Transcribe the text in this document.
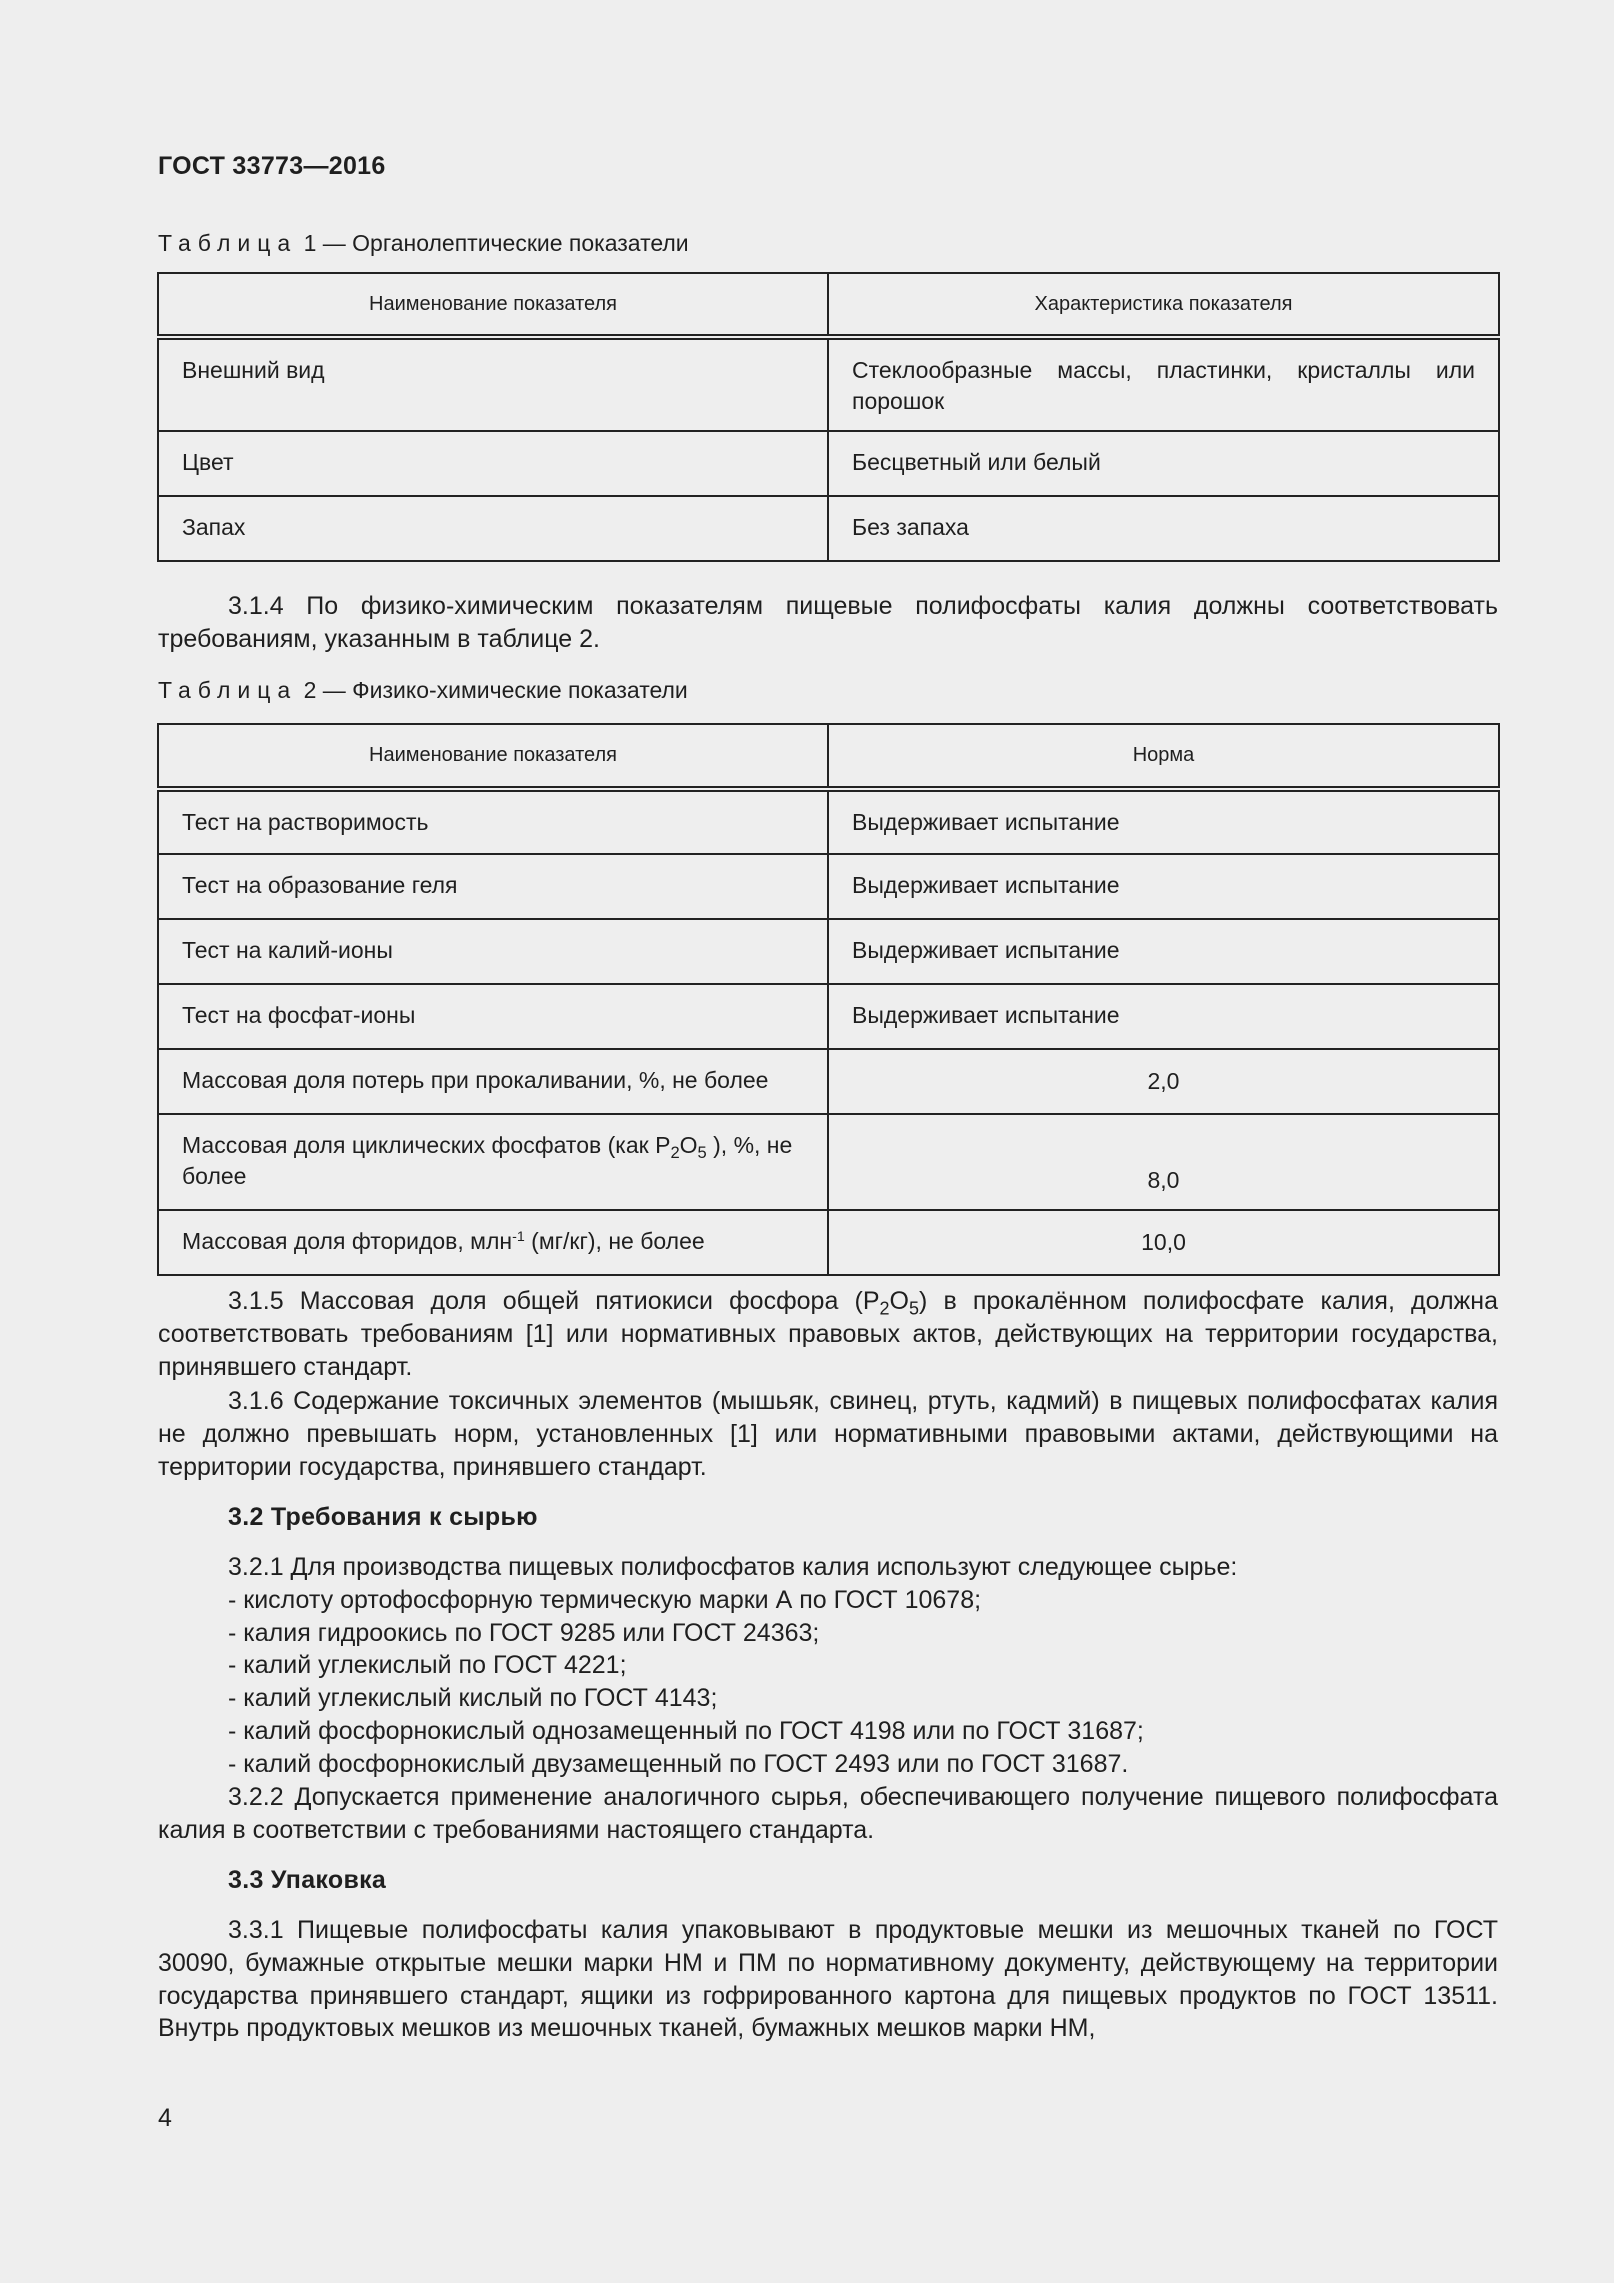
ГОСТ 33773—2016
Таблица 1 — Органолептические показатели
Наименование показателя	Характеристика показателя
Внешний вид	Стеклообразные массы, пластинки, кристаллы или порошок
Цвет	Бесцветный или белый
Запах	Без запаха
3.1.4 По физико-химическим показателям пищевые полифосфаты калия должны соответствовать требованиям, указанным в таблице 2.
Таблица 2 — Физико-химические показатели
Наименование показателя	Норма
Тест на растворимость	Выдерживает испытание
Тест на образование геля	Выдерживает испытание
Тест на калий-ионы	Выдерживает испытание
Тест на фосфат-ионы	Выдерживает испытание
Массовая доля потерь при прокаливании, %, не более	2,0
Массовая доля циклических фосфатов (как $P_2O_5$ ), %, не более	8,0
Массовая доля фторидов, млн$^{-1}$ (мг/кг), не более	10,0
3.1.5 Массовая доля общей пятиокиси фосфора $(P_2O_5)$ в прокалённом полифосфате калия, должна соответствовать требованиям [1] или нормативных правовых актов, действующих на территории государства, принявшего стандарт.
3.1.6 Содержание токсичных элементов (мышьяк, свинец, ртуть, кадмий) в пищевых полифосфатах калия не должно превышать норм, установленных [1] или нормативными правовыми актами, действующими на территории государства, принявшего стандарт.
3.2 Требования к сырью
3.2.1 Для производства пищевых полифосфатов калия используют следующее сырье:
- кислоту ортофосфорную термическую марки А по ГОСТ 10678;
- калия гидроокись по ГОСТ 9285 или ГОСТ 24363;
- калий углекислый по ГОСТ 4221;
- калий углекислый кислый по ГОСТ 4143;
- калий фосфорнокислый однозамещенный по ГОСТ 4198 или по ГОСТ 31687;
- калий фосфорнокислый двузамещенный по ГОСТ 2493 или по ГОСТ 31687.
3.2.2 Допускается применение аналогичного сырья, обеспечивающего получение пищевого полифосфата калия в соответствии с требованиями настоящего стандарта.
3.3 Упаковка
3.3.1 Пищевые полифосфаты калия упаковывают в продуктовые мешки из мешочных тканей по ГОСТ 30090, бумажные открытые мешки марки НМ и ПМ по нормативному документу, действующему на территории государства принявшего стандарт, ящики из гофрированного картона для пищевых продуктов по ГОСТ 13511. Внутрь продуктовых мешков из мешочных тканей, бумажных мешков марки НМ,
4
